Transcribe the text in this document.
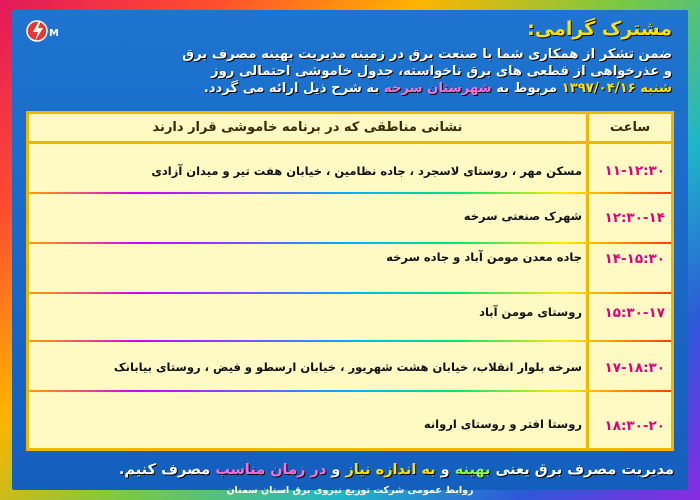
M	مشترک گرامی:
ضمن تشکر از همکاری شما با صنعت برق در زمینه مدیریت بهینه مصرف برق
و عذرخواهی از قطعی های برق ناخواسته، جدول خاموشی احتمالی روز
شنبه ۱۳۹۷/۰۴/۱۶ مربوط به شهرستان سرخه به شرح ذیل ارائه می گردد.
نشانی مناطقی که در برنامه خاموشی قرار دارند	ساعت
۱۱-۱۲:۳۰
مسکن مهر ، روستای لاسجرد ، جاده نظامین ، خیابان هفت تیر و میدان آزادی
۱۲:۳۰-۱۴
شهرک صنعتی سرخه
۱۴-۱۵:۳۰
جاده معدن مومن آباد و جاده سرخه
۱۵:۳۰-۱۷
روستای مومن آباد
۱۷-۱۸:۳۰
سرخه بلوار انقلاب، خیابان هشت شهریور ، خیابان ارسطو و فیض ، روستای بیابانک
۱۸:۳۰-۲۰
روستا افتر و روستای اروانه
مدیریت مصرف برق یعنی بهینه و به اندازه نیاز و در زمان مناسب مصرف کنیم.
روابط عمومی شرکت توزیع نیروی برق استان سمنان
